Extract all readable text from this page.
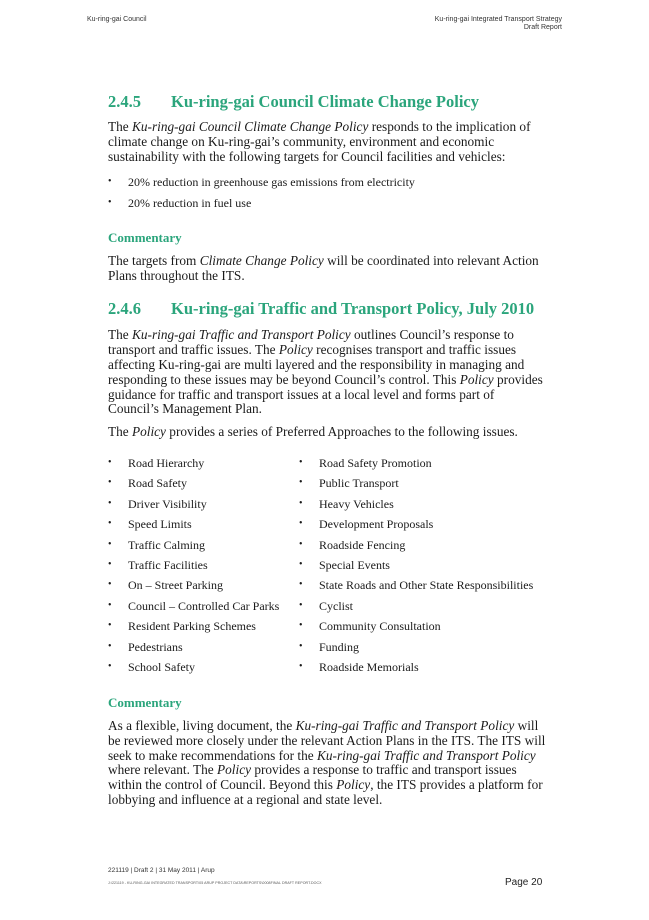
Ku-ring-gai Council	Ku-ring-gai Integrated Transport Strategy
Draft Report
2.4.5	Ku-ring-gai Council Climate Change Policy

The Ku-ring-gai Council Climate Change Policy responds to the implication of climate change on Ku-ring-gai’s community, environment and economic sustainability with the following targets for Council facilities and vehicles:

•	20% reduction in greenhouse gas emissions from electricity
•	20% reduction in fuel use
Commentary

The targets from Climate Change Policy will be coordinated into relevant Action Plans throughout the ITS.

2.4.6	Ku-ring-gai Traffic and Transport Policy, July 2010

The Ku-ring-gai Traffic and Transport Policy outlines Council’s response to transport and traffic issues. The Policy recognises transport and traffic issues affecting Ku-ring-gai are multi layered and the responsibility in managing and responding to these issues may be beyond Council’s control. This Policy provides guidance for traffic and transport issues at a local level and forms part of Council’s Management Plan.

The Policy provides a series of Preferred Approaches to the following issues.

•	Road Hierarchy	•	Road Safety Promotion
•	Road Safety	•	Public Transport
•	Driver Visibility	•	Heavy Vehicles
•	Speed Limits	•	Development Proposals
•	Traffic Calming	•	Roadside Fencing
•	Traffic Facilities	•	Special Events
•	On – Street Parking	•	State Roads and Other State Responsibilities
•	Council – Controlled Car Parks •	Cyclist
•	Resident Parking Schemes	•	Community Consultation
•	Pedestrians	•	Funding
•	School Safety	•	Roadside Memorials
Commentary

As a flexible, living document, the Ku-ring-gai Traffic and Transport Policy will be reviewed more closely under the relevant Action Plans in the ITS. The ITS will seek to make recommendations for the Ku-ring-gai Traffic and Transport Policy where relevant. The Policy provides a response to traffic and transport issues within the control of Council. Beyond this Policy, the ITS provides a platform for lobbying and influence at a regional and state level.

221119 | Draft 2 | 31 May 2011 | Arup
J:\221119 - KU-RING-GAI INTEGRATED TRANSPORT\05 ARUP PROJECT DATA\REPORTS\0008FINAL DRAFT REPORT.DOCX	Page 20
